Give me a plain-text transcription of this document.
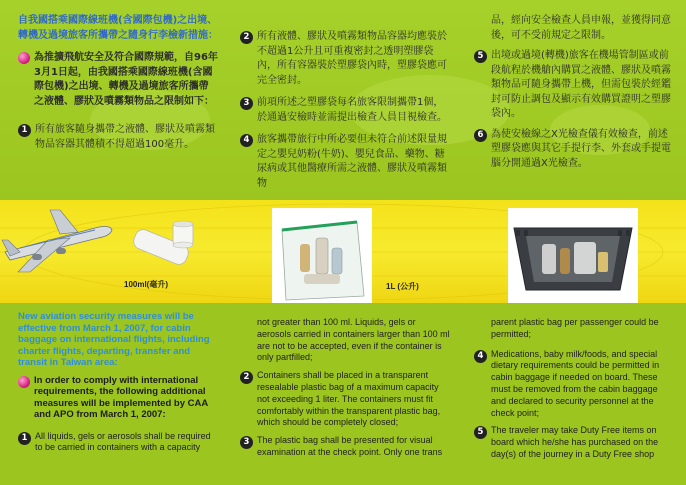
自我國搭乘國際線班機(含國際包機)之出境、轉機及過境旅客所攜帶之隨身行李檢新措施：
為推擴飛航安全及符合國際規範，自96年3月1日起，由我國搭乘國際線班機(含國際包機)之出境、轉機及過境旅客所攜帶之液體、膠狀及噴霧類物品之限制如下：
1 所有旅客隨身攜帶之液體、膠狀及噴霧類物品容器其體積不得超過100毫升。
2 所有液體、膠狀及噴霧類物品容器均應裝於不超過1公升且可重複密封之透明塑膠袋內，所有容器裝於塑膠袋內時，塑膠袋應可完全密封。
3 前項所述之塑膠袋每名旅客限制攜帶1個，於通過安檢時並需提出檢查人員目視檢查。
4 旅客攜帶旅行中所必要但未符合前述限量規定之嬰兒奶粉(牛奶)、嬰兒食品、藥物、糖尿病或其他醫療所需之液體、膠狀及噴霧類物
品，經向安全檢查人員申報，並獲得同意後，可不受前規定之限制。
5 出境或過境(轉機)旅客在機場管制區或前段航程於機艙內購買之液體、膠狀及噴霧類物品可隨身攜帶上機，但需包裝於經鑑封可防止調包及顯示有效購買證明之塑膠袋內。
6 為使安檢線之X光檢查儀有效檢查，前述塑膠袋應與其它手提行李、外套或手提電腦分開通過X光檢查。
100ml(毫升)	1L (公升)
New aviation security measures will be effective from March 1, 2007, for cabin baggage on international flights, including charter flights, departing, transfer and transit in Taiwan area:
In order to comply with international requirements, the following additional measures will be implemented by CAA and APO from March 1, 2007:
1 All liquids, gels or aerosols shall be required to be carried in containers with a capacity
not greater than 100 ml. Liquids, gels or aerosols carried in containers larger than 100 ml are not to be accepted, even if the container is only partfilled;
2 Containers shall be placed in a transparent resealable plastic bag of a maximum capacity not exceeding 1 liter. The containers must fit comfortably within the transparent plastic bag, which should be completely closed;
3 The plastic bag shall be presented for visual examination at the check point. Only one trans
parent plastic bag per passenger could be permitted;
4 Medications, baby milk/foods, and special dietary requirements could be permitted in cabin baggage if needed on board. These must be removed from the cabin baggage and declared to security personnel at the check point;
5 The traveler may take Duty Free items on board which he/she has purchased on the day(s) of the journey in a Duty Free shop
